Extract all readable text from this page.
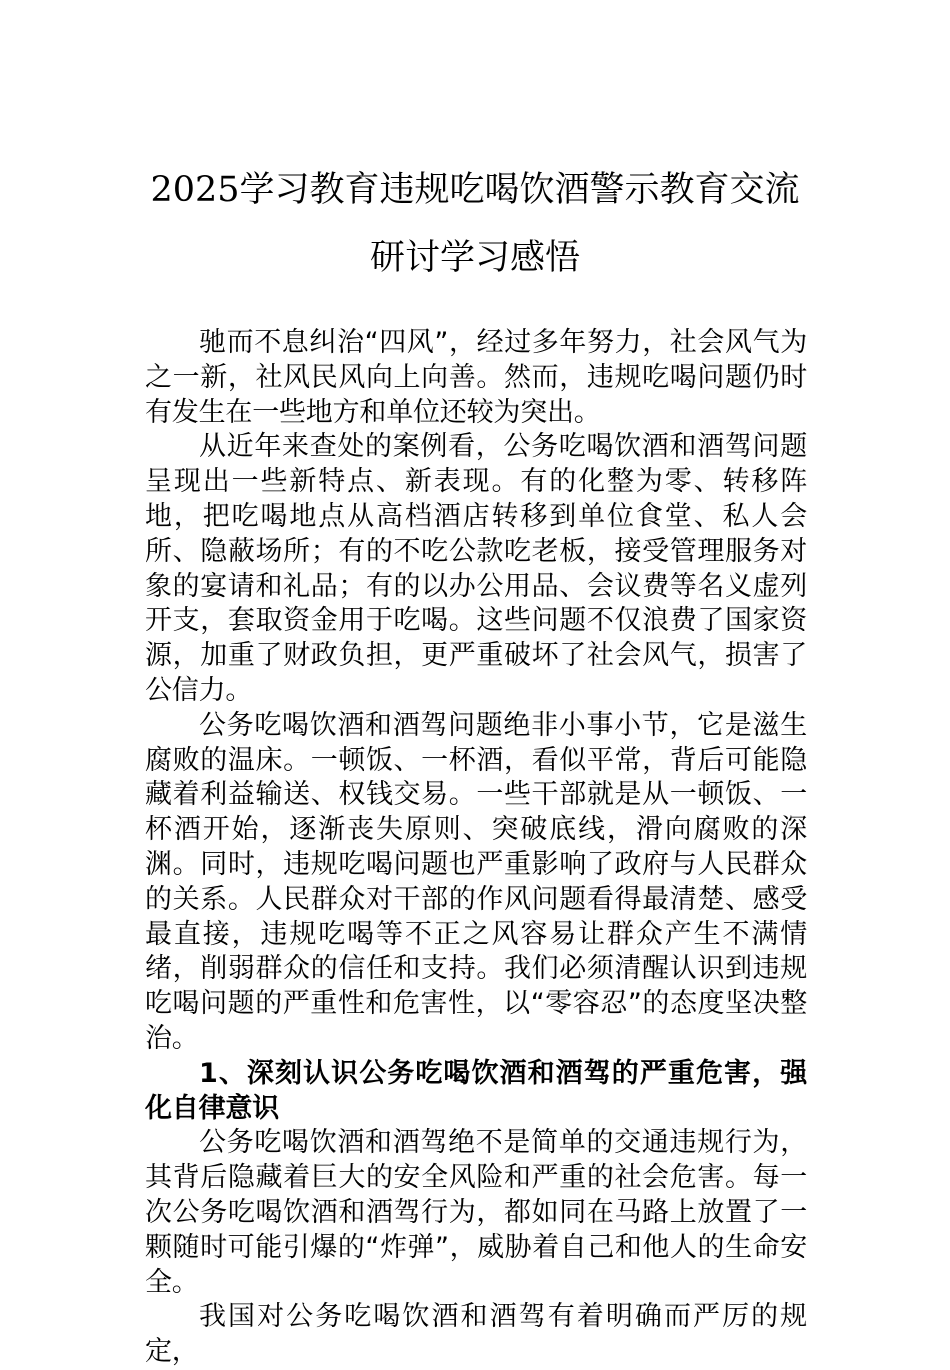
2025学习教育违规吃喝饮酒警示教育交流
研讨学习感悟

驰而不息纠治“四风”，经过多年努力，社会风气为之一新，社风民风向上向善。然而，违规吃喝问题仍时有发生在一些地方和单位还较为突出。

从近年来查处的案例看，公务吃喝饮酒和酒驾问题呈现出一些新特点、新表现。有的化整为零、转移阵地，把吃喝地点从高档酒店转移到单位食堂、私人会所、隐蔽场所；有的不吃公款吃老板，接受管理服务对象的宴请和礼品；有的以办公用品、会议费等名义虚列开支，套取资金用于吃喝。这些问题不仅浪费了国家资源，加重了财政负担，更严重破坏了社会风气，损害了公信力。

公务吃喝饮酒和酒驾问题绝非小事小节，它是滋生腐败的温床。一顿饭、一杯酒，看似平常，背后可能隐藏着利益输送、权钱交易。一些干部就是从一顿饭、一杯酒开始，逐渐丧失原则、突破底线，滑向腐败的深渊。同时，违规吃喝问题也严重影响了政府与人民群众的关系。人民群众对干部的作风问题看得最清楚、感受最直接，违规吃喝等不正之风容易让群众产生不满情绪，削弱群众的信任和支持。我们必须清醒认识到违规吃喝问题的严重性和危害性，以“零容忍”的态度坚决整治。

1、深刻认识公务吃喝饮酒和酒驾的严重危害，强化自律意识

公务吃喝饮酒和酒驾绝不是简单的交通违规行为，其背后隐藏着巨大的安全风险和严重的社会危害。每一次公务吃喝饮酒和酒驾行为，都如同在马路上放置了一颗随时可能引爆的“炸弹”，威胁着自己和他人的生命安全。

我国对公务吃喝饮酒和酒驾有着明确而严厉的规定，
